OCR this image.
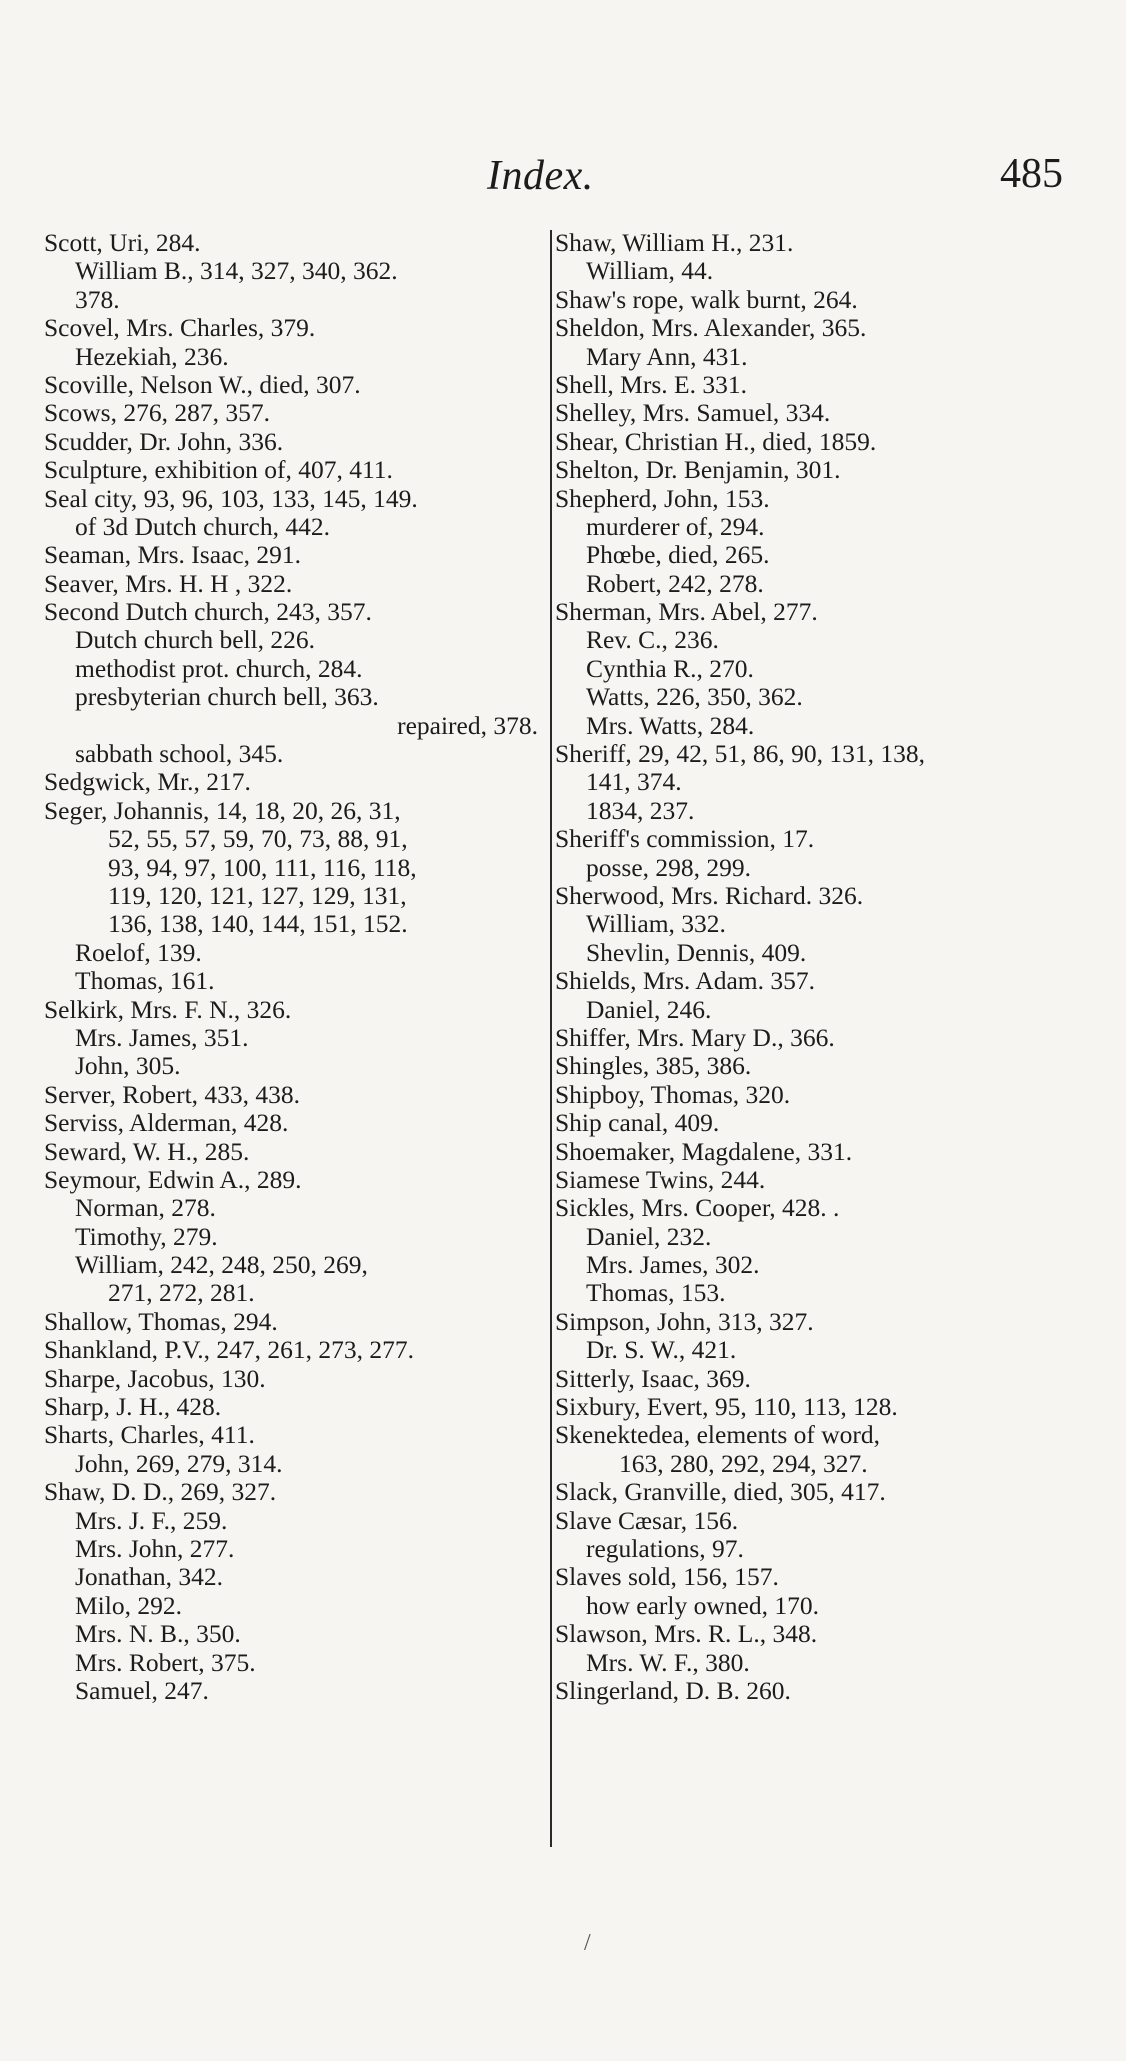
Index.	485
Scott, Uri, 284.
William B., 314, 327, 340, 362.
378.
Scovel, Mrs. Charles, 379.
Hezekiah, 236.
Scoville, Nelson W., died, 307.
Scows, 276, 287, 357.
Scudder, Dr. John, 336.
Sculpture, exhibition of, 407, 411.
Seal city, 93, 96, 103, 133, 145, 149.
of 3d Dutch church, 442.
Seaman, Mrs. Isaac, 291.
Seaver, Mrs. H. H , 322.
Second Dutch church, 243, 357.
Dutch church bell, 226.
methodist prot. church, 284.
presbyterian church bell, 363.
repaired, 378.
sabbath school, 345.
Sedgwick, Mr., 217.
Seger, Johannis, 14, 18, 20, 26, 31,
52, 55, 57, 59, 70, 73, 88, 91,
93, 94, 97, 100, 111, 116, 118,
119, 120, 121, 127, 129, 131,
136, 138, 140, 144, 151, 152.
Roelof, 139.
Thomas, 161.
Selkirk, Mrs. F. N., 326.
Mrs. James, 351.
John, 305.
Server, Robert, 433, 438.
Serviss, Alderman, 428.
Seward, W. H., 285.
Seymour, Edwin A., 289.
Norman, 278.
Timothy, 279.
William, 242, 248, 250, 269,
271, 272, 281.
Shallow, Thomas, 294.
Shankland, P.V., 247, 261, 273, 277.
Sharpe, Jacobus, 130.
Sharp, J. H., 428.
Sharts, Charles, 411.
John, 269, 279, 314.
Shaw, D. D., 269, 327.
Mrs. J. F., 259.
Mrs. John, 277.
Jonathan, 342.
Milo, 292.
Mrs. N. B., 350.
Mrs. Robert, 375.
Samuel, 247.
Shaw, William H., 231.
William, 44.
Shaw's rope, walk burnt, 264.
Sheldon, Mrs. Alexander, 365.
Mary Ann, 431.
Shell, Mrs. E. 331.
Shelley, Mrs. Samuel, 334.
Shear, Christian H., died, 1859.
Shelton, Dr. Benjamin, 301.
Shepherd, John, 153.
murderer of, 294.
Phœbe, died, 265.
Robert, 242, 278.
Sherman, Mrs. Abel, 277.
Rev. C., 236.
Cynthia R., 270.
Watts, 226, 350, 362.
Mrs. Watts, 284.
Sheriff, 29, 42, 51, 86, 90, 131, 138,
141, 374.
1834, 237.
Sheriff's commission, 17.
posse, 298, 299.
Sherwood, Mrs. Richard. 326.
William, 332.
Shevlin, Dennis, 409.
Shields, Mrs. Adam. 357.
Daniel, 246.
Shiffer, Mrs. Mary D., 366.
Shingles, 385, 386.
Shipboy, Thomas, 320.
Ship canal, 409.
Shoemaker, Magdalene, 331.
Siamese Twins, 244.
Sickles, Mrs. Cooper, 428. .
Daniel, 232.
Mrs. James, 302.
Thomas, 153.
Simpson, John, 313, 327.
Dr. S. W., 421.
Sitterly, Isaac, 369.
Sixbury, Evert, 95, 110, 113, 128.
Skenektedea, elements of word,
163, 280, 292, 294, 327.
Slack, Granville, died, 305, 417.
Slave Cæsar, 156.
regulations, 97.
Slaves sold, 156, 157.
how early owned, 170.
Slawson, Mrs. R. L., 348.
Mrs. W. F., 380.
Slingerland, D. B. 260.
/
